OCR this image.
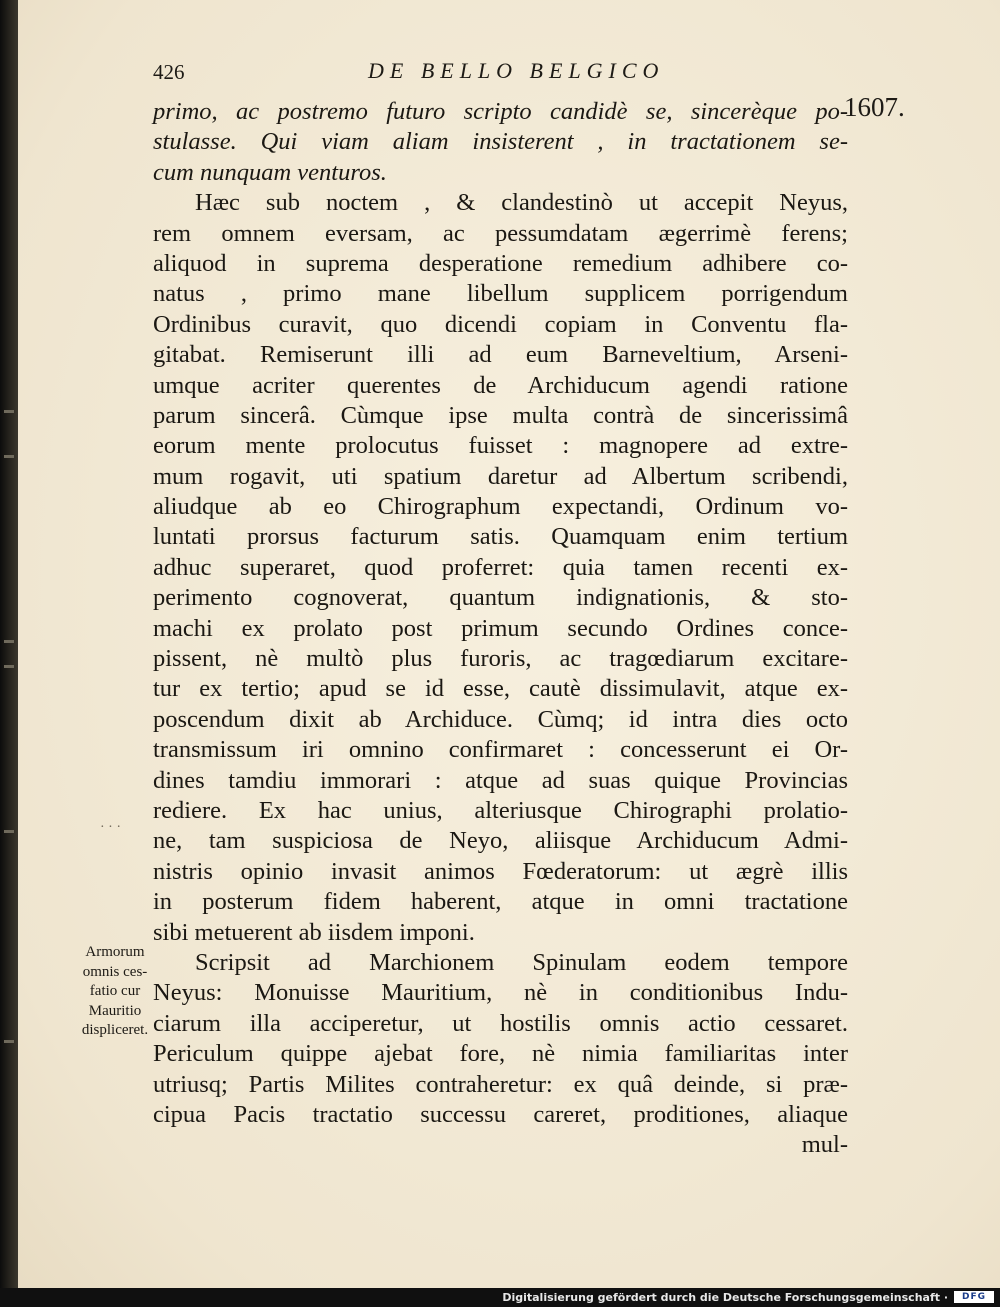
426	DE BELLO BELGICO
1607.
· · ·
primo, ac postremo futuro scripto candidè se, sincerèque po-
stulasse. Qui viam aliam insisterent , in tractationem se-
cum nunquam venturos.
Hæc sub noctem , & clandestinò ut accepit Neyus,
rem omnem eversam, ac pessumdatam ægerrimè ferens;
aliquod in suprema desperatione remedium adhibere co-
natus , primo mane libellum supplicem porrigendum
Ordinibus curavit, quo dicendi copiam in Conventu fla-
gitabat. Remiserunt illi ad eum Barneveltium, Arseni-
umque acriter querentes de Archiducum agendi ratione
parum sincerâ. Cùmque ipse multa contrà de sincerissimâ
eorum mente prolocutus fuisset : magnopere ad extre-
mum rogavit, uti spatium daretur ad Albertum scribendi,
aliudque ab eo Chirographum expectandi, Ordinum vo-
luntati prorsus facturum satis. Quamquam enim tertium
adhuc superaret, quod proferret: quia tamen recenti ex-
perimento cognoverat, quantum indignationis, & sto-
machi ex prolato post primum secundo Ordines conce-
pissent, nè multò plus furoris, ac tragœdiarum excitare-
tur ex tertio; apud se id esse, cautè dissimulavit, atque ex-
poscendum dixit ab Archiduce. Cùmq; id intra dies octo
transmissum iri omnino confirmaret : concesserunt ei Or-
dines tamdiu immorari : atque ad suas quique Provincias
rediere. Ex hac unius, alteriusque Chirographi prolatio-
ne, tam suspiciosa de Neyo, aliisque Archiducum Admi-
nistris opinio invasit animos Fœderatorum: ut ægrè illis
in posterum fidem haberent, atque in omni tractatione
sibi metuerent ab iisdem imponi.
Scripsit ad Marchionem Spinulam eodem tempore
Neyus: Monuisse Mauritium, nè in conditionibus Indu-
ciarum illa acciperetur, ut hostilis omnis actio cessaret.
Periculum quippe ajebat fore, nè nimia familiaritas inter
utriusq; Partis Milites contraheretur: ex quâ deinde, si præ-
cipua Pacis tractatio successu careret, proditiones, aliaque
mul-
Armorum
omnis ces-
fatio cur
Mauritio
displiceret.
Digitalisierung gefördert durch die Deutsche Forschungsgemeinschaft ·	DFG
